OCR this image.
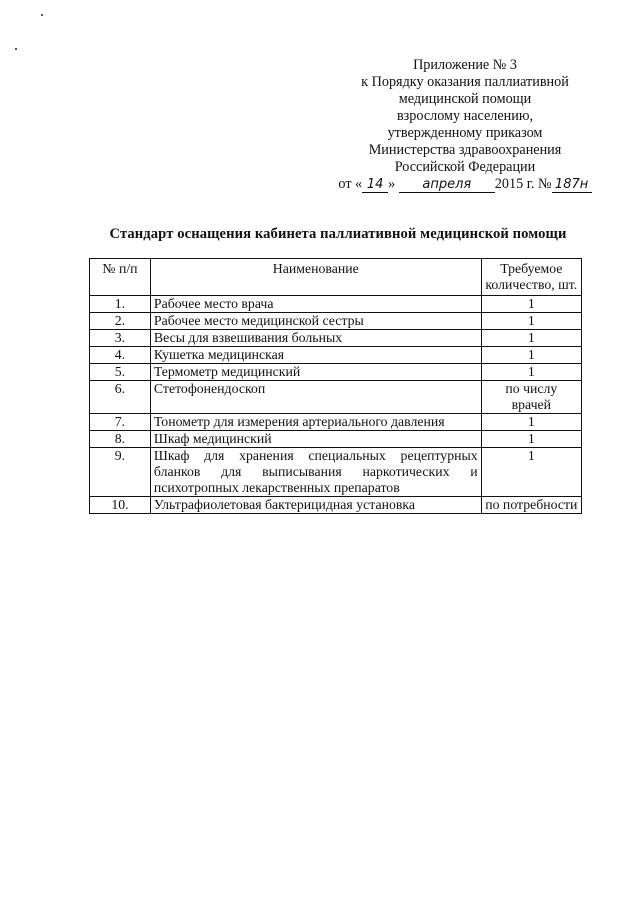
Приложение № 3
к Порядку оказания паллиативной
медицинской помощи
взрослому населению,
утвержденному приказом
Министерства здравоохранения
Российской Федерации
от « 14 » апреля 2015 г. № 187н
Стандарт оснащения кабинета паллиативной медицинской помощи
№ п/п	Наименование	Требуемое количество, шт.
1.	Рабочее место врача	1
2.	Рабочее место медицинской сестры	1
3.	Весы для взвешивания больных	1
4.	Кушетка медицинская	1
5.	Термометр медицинский	1
6.	Стетофонендоскоп	по числу врачей
7.	Тонометр для измерения артериального давления	1
8.	Шкаф медицинский	1
9.	Шкаф для хранения специальных рецептурных бланков для выписывания наркотических и психотропных лекарственных препаратов	1
10.	Ультрафиолетовая бактерицидная установка	по потребности
